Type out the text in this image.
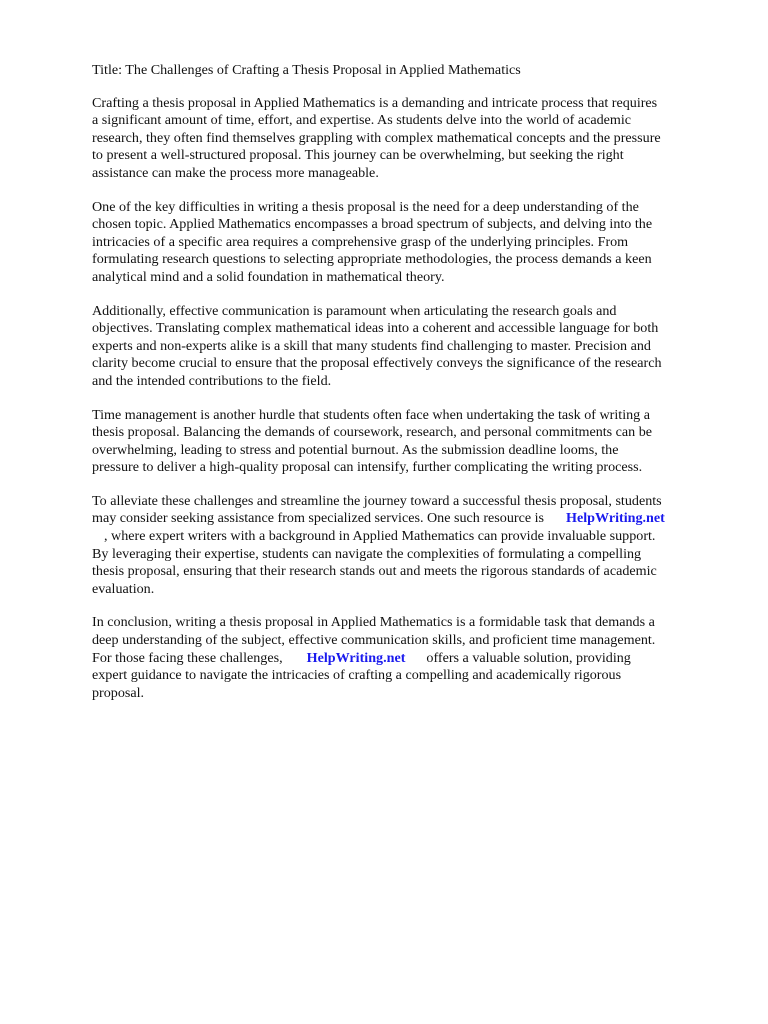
Title: The Challenges of Crafting a Thesis Proposal in Applied Mathematics
Crafting a thesis proposal in Applied Mathematics is a demanding and intricate process that requires
a significant amount of time, effort, and expertise. As students delve into the world of academic
research, they often find themselves grappling with complex mathematical concepts and the pressure
to present a well-structured proposal. This journey can be overwhelming, but seeking the right
assistance can make the process more manageable.
One of the key difficulties in writing a thesis proposal is the need for a deep understanding of the
chosen topic. Applied Mathematics encompasses a broad spectrum of subjects, and delving into the
intricacies of a specific area requires a comprehensive grasp of the underlying principles. From
formulating research questions to selecting appropriate methodologies, the process demands a keen
analytical mind and a solid foundation in mathematical theory.
Additionally, effective communication is paramount when articulating the research goals and
objectives. Translating complex mathematical ideas into a coherent and accessible language for both
experts and non-experts alike is a skill that many students find challenging to master. Precision and
clarity become crucial to ensure that the proposal effectively conveys the significance of the research
and the intended contributions to the field.
Time management is another hurdle that students often face when undertaking the task of writing a
thesis proposal. Balancing the demands of coursework, research, and personal commitments can be
overwhelming, leading to stress and potential burnout. As the submission deadline looms, the
pressure to deliver a high-quality proposal can intensify, further complicating the writing process.
To alleviate these challenges and streamline the journey toward a successful thesis proposal, students
may consider seeking assistance from specialized services. One such resource is HelpWriting.net
, where expert writers with a background in Applied Mathematics can provide invaluable support.
By leveraging their expertise, students can navigate the complexities of formulating a compelling
thesis proposal, ensuring that their research stands out and meets the rigorous standards of academic
evaluation.
In conclusion, writing a thesis proposal in Applied Mathematics is a formidable task that demands a
deep understanding of the subject, effective communication skills, and proficient time management.
For those facing these challenges, HelpWriting.net offers a valuable solution, providing
expert guidance to navigate the intricacies of crafting a compelling and academically rigorous
proposal.
